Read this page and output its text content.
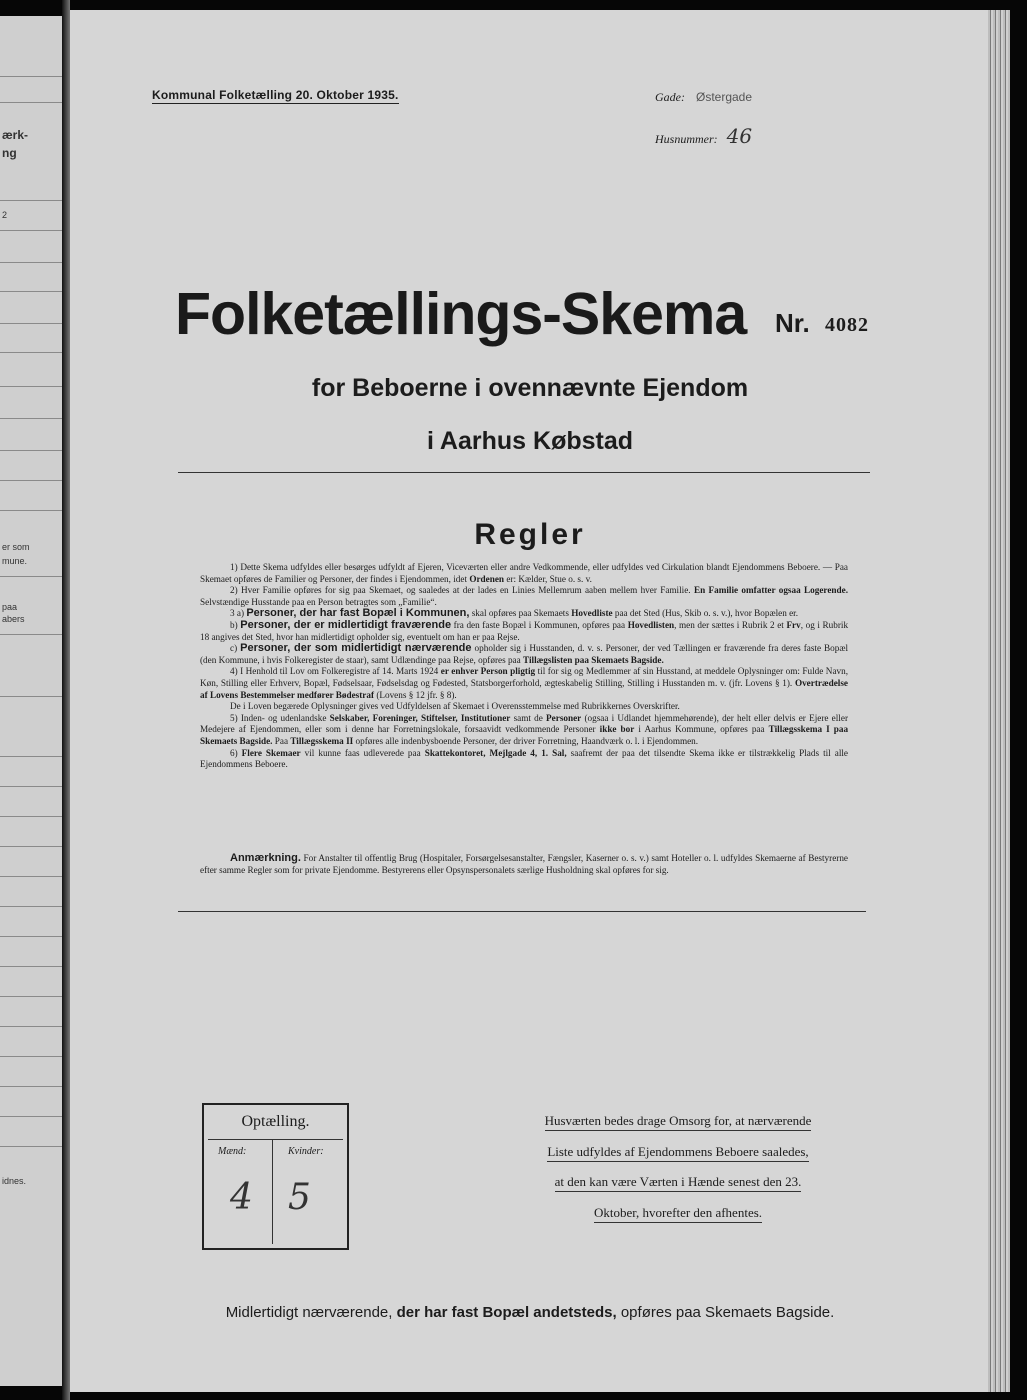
ærk-
ng
2
er som
mune.
paa
abers
idnes.
Kommunal Folketælling 20. Oktober 1935.	Gade: Østergade
Husnummer: 46
Folketællings-Skema Nr. 4082
for Beboerne i ovennævnte Ejendom
i Aarhus Købstad
Regler

1) Dette Skema udfyldes eller besørges udfyldt af Ejeren, Viceværten eller andre Vedkommende, eller udfyldes ved Cirkulation blandt Ejendommens Beboere. — Paa Skemaet opføres de Familier og Personer, der findes i Ejendommen, idet Ordenen er: Kælder, Stue o. s. v.

2) Hver Familie opføres for sig paa Skemaet, og saaledes at der lades en Linies Mellemrum aaben mellem hver Familie. En Familie omfatter ogsaa Logerende. Selvstændige Husstande paa en Person betragtes som „Familie“.

3 a) Personer, der har fast Bopæl i Kommunen, skal opføres paa Skemaets Hovedliste paa det Sted (Hus, Skib o. s. v.), hvor Bopælen er.

b) Personer, der er midlertidigt fraværende fra den faste Bopæl i Kommunen, opføres paa Hovedlisten, men der sættes i Rubrik 2 et Frv, og i Rubrik 18 angives det Sted, hvor han midlertidigt opholder sig, eventuelt om han er paa Rejse.

c) Personer, der som midlertidigt nærværende opholder sig i Husstanden, d. v. s. Personer, der ved Tællingen er fraværende fra deres faste Bopæl (den Kommune, i hvis Folkeregister de staar), samt Udlændinge paa Rejse, opføres paa Tillægslisten paa Skemaets Bagside.

4) I Henhold til Lov om Folkeregistre af 14. Marts 1924 er enhver Person pligtig til for sig og Medlemmer af sin Husstand, at meddele Oplysninger om: Fulde Navn, Køn, Stilling eller Erhverv, Bopæl, Fødselsaar, Fødselsdag og Fødested, Statsborgerforhold, ægteskabelig Stilling, Stilling i Husstanden m. v. (jfr. Lovens § 1). Overtrædelse af Lovens Bestemmelser medfører Bødestraf (Lovens § 12 jfr. § 8).

De i Loven begærede Oplysninger gives ved Udfyldelsen af Skemaet i Overensstemmelse med Rubrikkernes Overskrifter.

5) Inden- og udenlandske Selskaber, Foreninger, Stiftelser, Institutioner samt de Personer (ogsaa i Udlandet hjemmehørende), der helt eller delvis er Ejere eller Medejere af Ejendommen, eller som i denne har Forretningslokale, forsaavidt vedkommende Personer ikke bor i Aarhus Kommune, opføres paa Tillægsskema I paa Skemaets Bagside. Paa Tillægsskema II opføres alle indenbysboende Personer, der driver Forretning, Haandværk o. l. i Ejendommen.

6) Flere Skemaer vil kunne faas udleverede paa Skattekontoret, Mejlgade 4, 1. Sal, saafremt der paa det tilsendte Skema ikke er tilstrækkelig Plads til alle Ejendommens Beboere.

Anmærkning. For Anstalter til offentlig Brug (Hospitaler, Forsørgelsesanstalter, Fængsler, Kaserner o. s. v.) samt Hoteller o. l. udfyldes Skemaerne af Bestyrerne efter samme Regler som for private Ejendomme. Bestyrerens eller Opsynspersonalets særlige Husholdning skal opføres for sig.

Optælling.
Mænd:	Kvinder:
4 5
Husværten bedes drage Omsorg for, at nærværende
Liste udfyldes af Ejendommens Beboere saaledes,
at den kan være Værten i Hænde senest den 23.
Oktober, hvorefter den afhentes.
Midlertidigt nærværende, der har fast Bopæl andetsteds, opføres paa Skemaets Bagside.
